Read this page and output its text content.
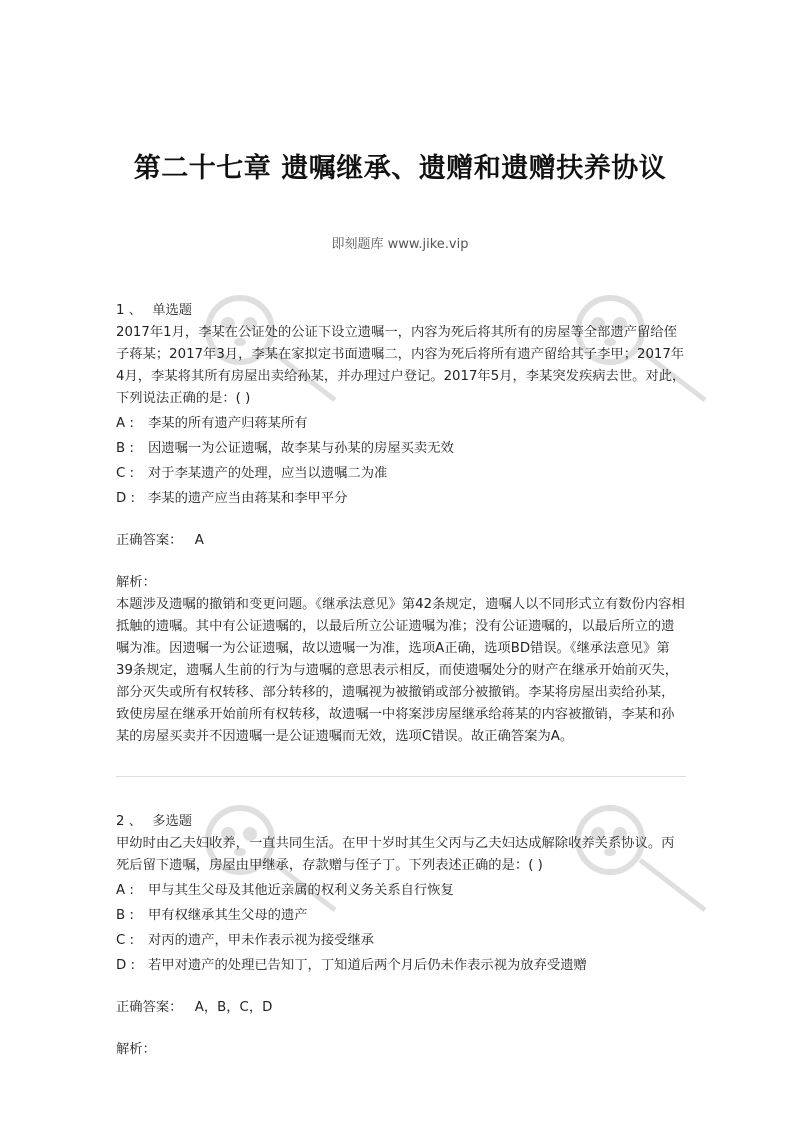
第二十七章 遗嘱继承、遗赠和遗赠扶养协议
即刻题库 www.jike.vip
1 、 单选题
2017年1月，李某在公证处的公证下设立遗嘱一，内容为死后将其所有的房屋等全部遗产留给侄子蒋某；2017年3月，李某在家拟定书面遗嘱二，内容为死后将所有遗产留给其子李甲；2017年4月，李某将其所有房屋出卖给孙某，并办理过户登记。2017年5月，李某突发疾病去世。对此，下列说法正确的是：( )
A : 李某的所有遗产归蒋某所有
B : 因遗嘱一为公证遗嘱，故李某与孙某的房屋买卖无效
C : 对于李某遗产的处理，应当以遗嘱二为准
D : 李某的遗产应当由蒋某和李甲平分
正确答案： A
解析：
本题涉及遗嘱的撤销和变更问题。《继承法意见》第42条规定，遗嘱人以不同形式立有数份内容相抵触的遗嘱。其中有公证遗嘱的，以最后所立公证遗嘱为准；没有公证遗嘱的，以最后所立的遗嘱为准。因遗嘱一为公证遗嘱，故以遗嘱一为准，选项A正确，选项BD错误。《继承法意见》第39条规定，遗嘱人生前的行为与遗嘱的意思表示相反，而使遗嘱处分的财产在继承开始前灭失，部分灭失或所有权转移、部分转移的，遗嘱视为被撤销或部分被撤销。李某将房屋出卖给孙某，致使房屋在继承开始前所有权转移，故遗嘱一中将案涉房屋继承给蒋某的内容被撤销，李某和孙某的房屋买卖并不因遗嘱一是公证遗嘱而无效，选项C错误。故正确答案为A。
2 、 多选题
甲幼时由乙夫妇收养，一直共同生活。在甲十岁时其生父丙与乙夫妇达成解除收养关系协议。丙死后留下遗嘱，房屋由甲继承，存款赠与侄子丁。下列表述正确的是：( )
A : 甲与其生父母及其他近亲属的权利义务关系自行恢复
B : 甲有权继承其生父母的遗产
C : 对丙的遗产，甲未作表示视为接受继承
D : 若甲对遗产的处理已告知丁，丁知道后两个月后仍未作表示视为放弃受遗赠
正确答案： A，B，C，D
解析：
